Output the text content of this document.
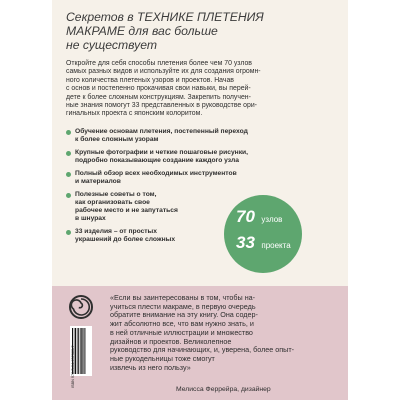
Секретов в ТЕХНИКЕ ПЛЕТЕНИЯ
МАКРАМЕ для вас больше
не существует
Откройте для себя способы плетения более чем 70 узлов
самых разных видов и используйте их для создания огромн-
ного количества плетеных узоров и проектов. Начав
с основ и постепенно прокачивая свои навыки, вы перей-
дете к более сложным конструкциям. Закрепить получен-
ные знания помогут 33 представленных в руководстве ори-
гинальных проекта с японским колоритом.
Обучение основам плетения, постепенный переход
к более сложным узорам
Крупные фотографии и четкие пошаговые рисунки,
подробно показывающие создание каждого узла
Полный обзор всех необходимых инструментов
и материалов
Полезные советы о том,
как организовать свое
рабочее место и не запутаться
в шнурах
33 изделия – от простых
украшений до более сложных
70 узлов
33 проекта
ISBN 978-5-04-157380-7
«Если вы заинтересованы в том, чтобы на-
учиться плести макраме, в первую очередь
обратите внимание на эту книгу. Она содер-
жит абсолютно все, что вам нужно знать, и
в ней отличные иллюстрации и множество
дизайнов и проектов. Великолепное
руководство для начинающих, и, уверена, более опыт-
ные рукодельницы тоже смогут
извлечь из него пользу»
Мелисса Феррейра, дизайнер
